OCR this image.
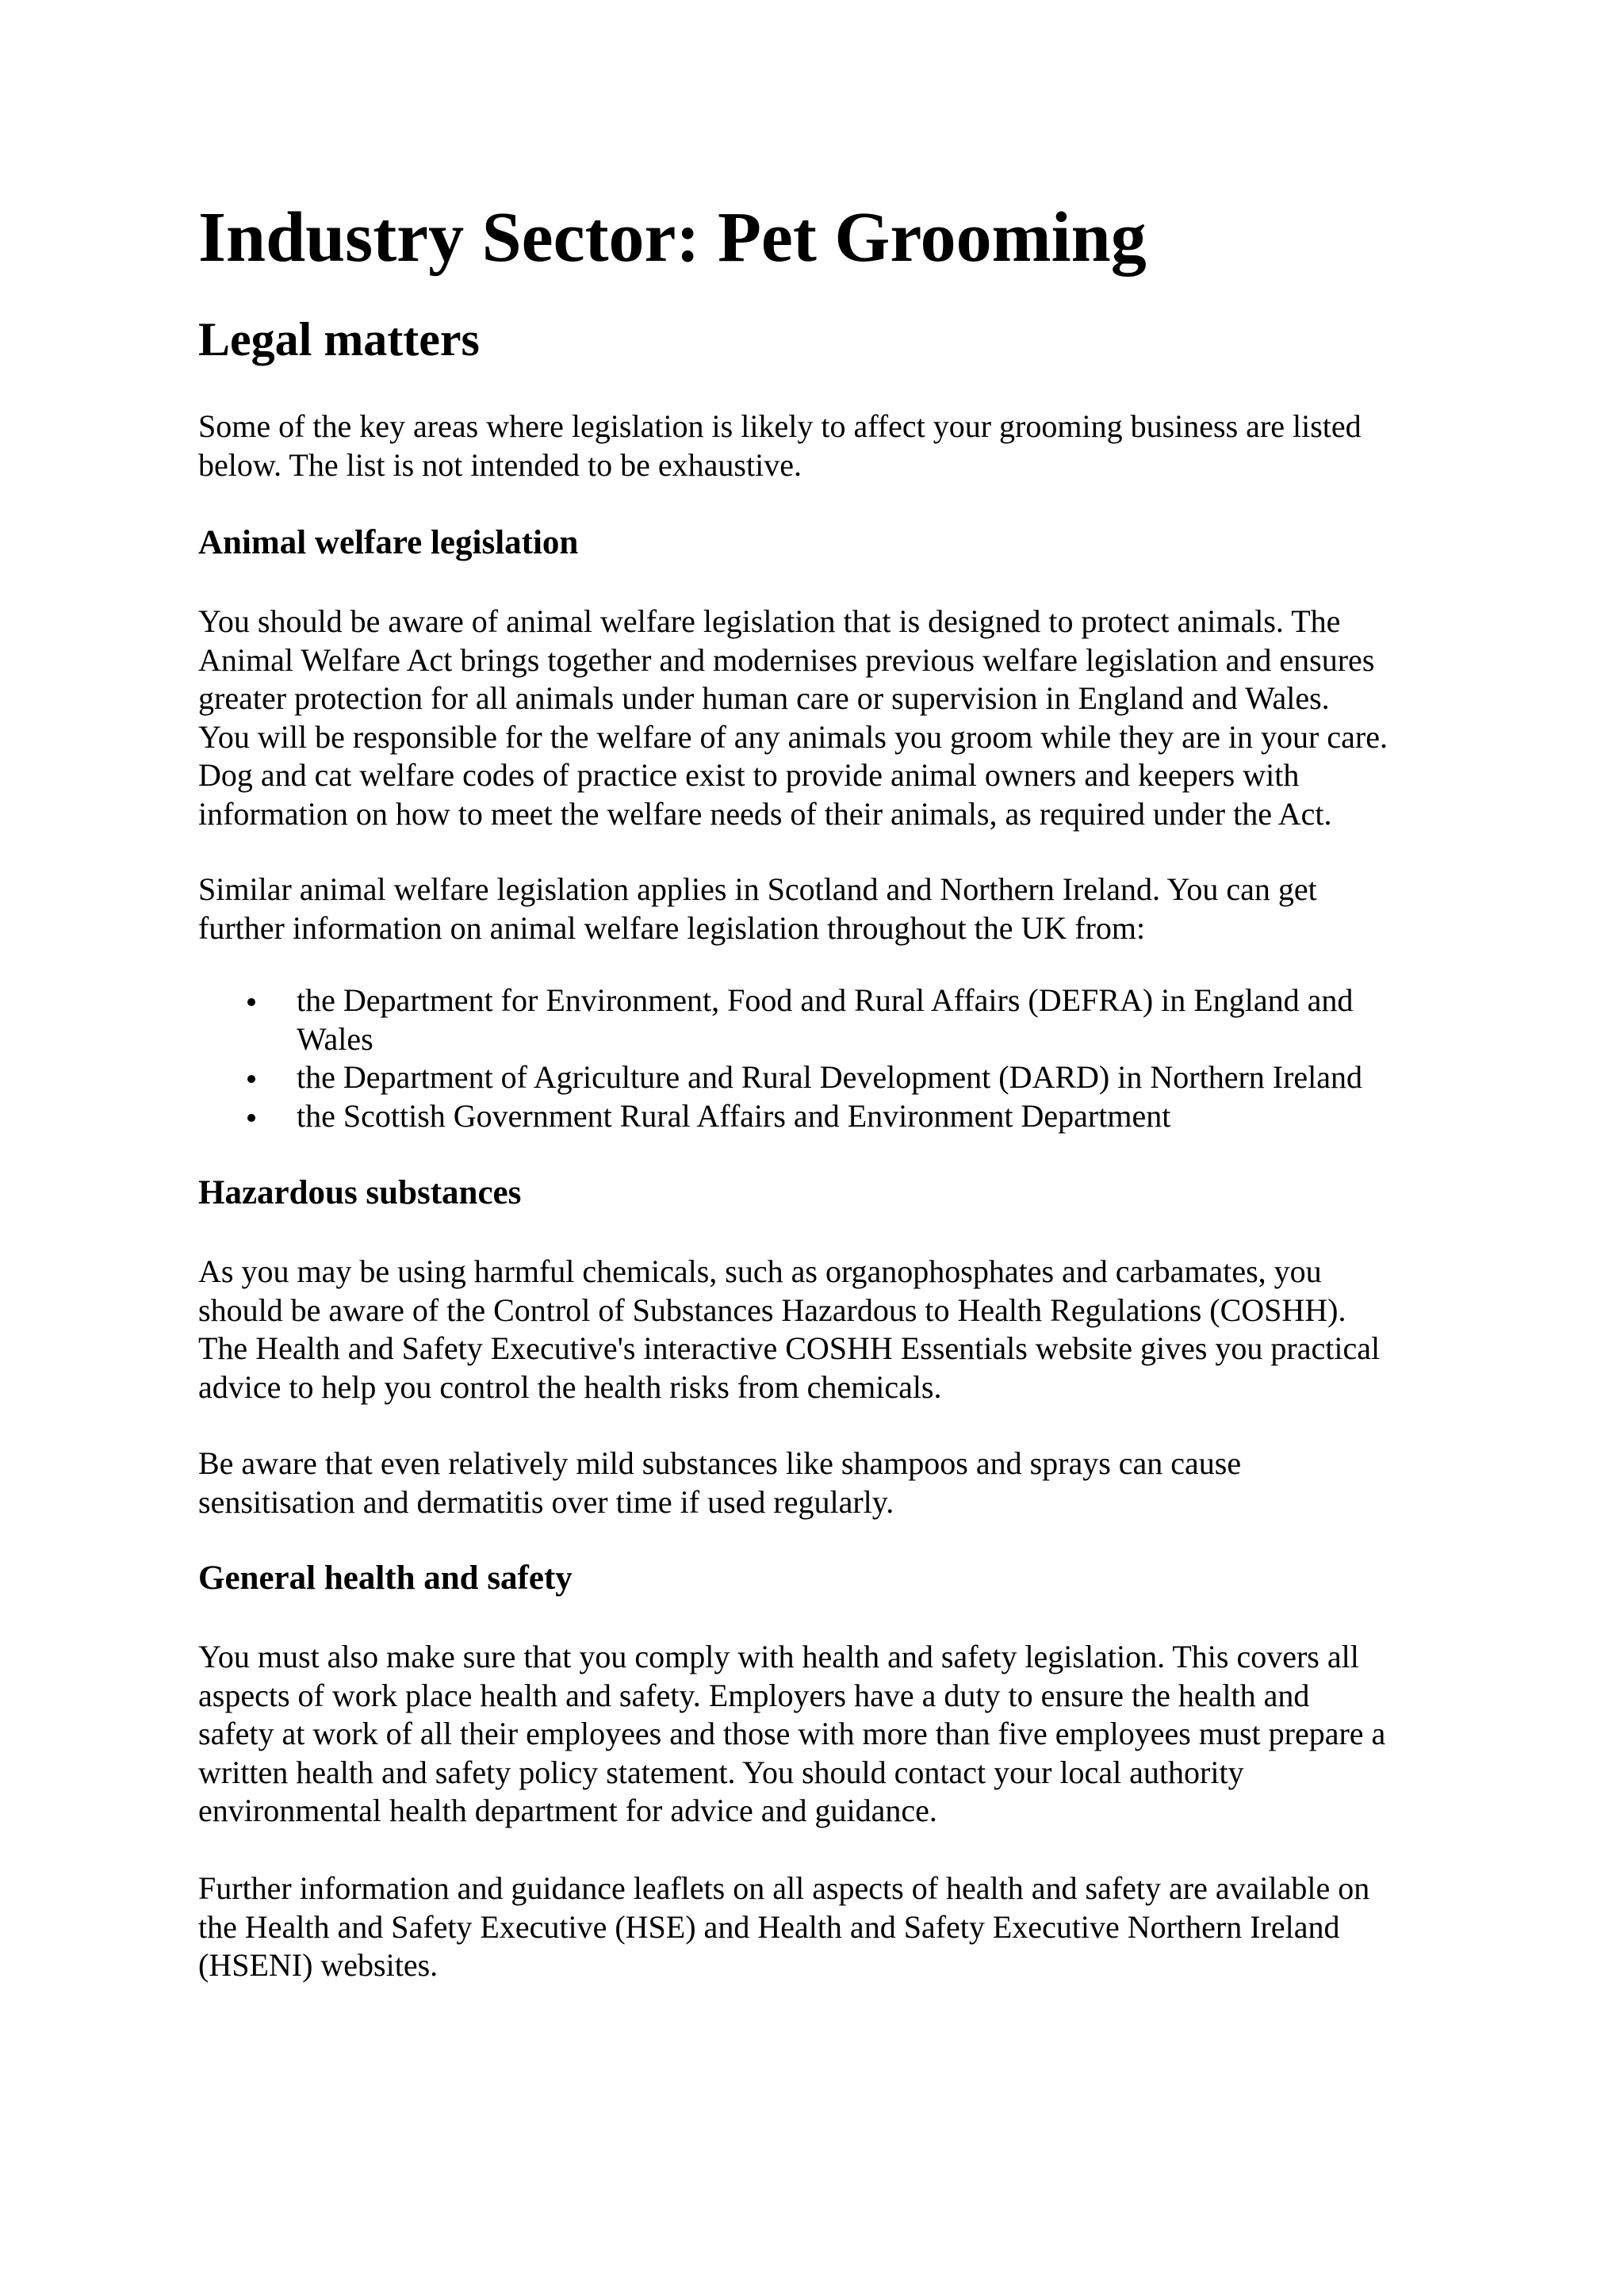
Industry Sector: Pet Grooming
Legal matters

Some of the key areas where legislation is likely to affect your grooming business are listed
below. The list is not intended to be exhaustive.

Animal welfare legislation

You should be aware of animal welfare legislation that is designed to protect animals. The
Animal Welfare Act brings together and modernises previous welfare legislation and ensures
greater protection for all animals under human care or supervision in England and Wales.
You will be responsible for the welfare of any animals you groom while they are in your care.
Dog and cat welfare codes of practice exist to provide animal owners and keepers with
information on how to meet the welfare needs of their animals, as required under the Act.

Similar animal welfare legislation applies in Scotland and Northern Ireland. You can get
further information on animal welfare legislation throughout the UK from:

the Department for Environment, Food and Rural Affairs (DEFRA) in England and
Wales
the Department of Agriculture and Rural Development (DARD) in Northern Ireland
the Scottish Government Rural Affairs and Environment Department
Hazardous substances

As you may be using harmful chemicals, such as organophosphates and carbamates, you
should be aware of the Control of Substances Hazardous to Health Regulations (COSHH).
The Health and Safety Executive's interactive COSHH Essentials website gives you practical
advice to help you control the health risks from chemicals.

Be aware that even relatively mild substances like shampoos and sprays can cause
sensitisation and dermatitis over time if used regularly.

General health and safety

You must also make sure that you comply with health and safety legislation. This covers all
aspects of work place health and safety. Employers have a duty to ensure the health and
safety at work of all their employees and those with more than five employees must prepare a
written health and safety policy statement. You should contact your local authority
environmental health department for advice and guidance.

Further information and guidance leaflets on all aspects of health and safety are available on
the Health and Safety Executive (HSE) and Health and Safety Executive Northern Ireland
(HSENI) websites.
